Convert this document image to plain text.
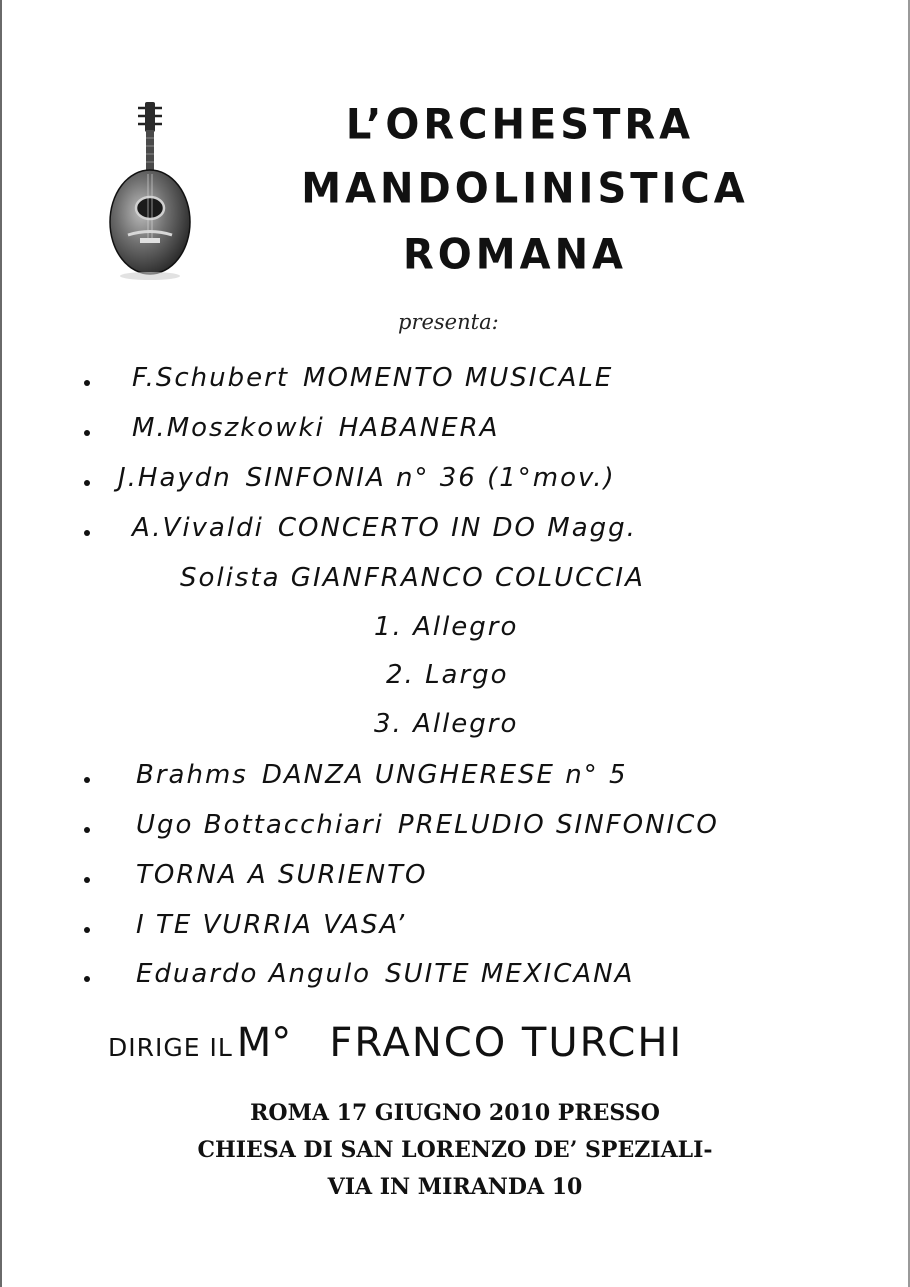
L’ORCHESTRA
MANDOLINISTICA
ROMANA
presenta:
F.Schubert MOMENTO MUSICALE
M.Moszkowki HABANERA
J.Haydn SINFONIA n° 36 (1°mov.)
A.Vivaldi CONCERTO IN DO Magg.
Solista GIANFRANCO COLUCCIA
1. Allegro
2. Largo
3. Allegro
Brahms DANZA UNGHERESE n° 5
Ugo Bottacchiari PRELUDIO SINFONICO
TORNA A SURIENTO
I TE VURRIA VASA’
Eduardo Angulo SUITE MEXICANA
DIRIGE IL M° FRANCO TURCHI

ROMA 17 GIUGNO 2010 PRESSO

CHIESA DI SAN LORENZO DE’ SPEZIALI-

VIA IN MIRANDA 10
